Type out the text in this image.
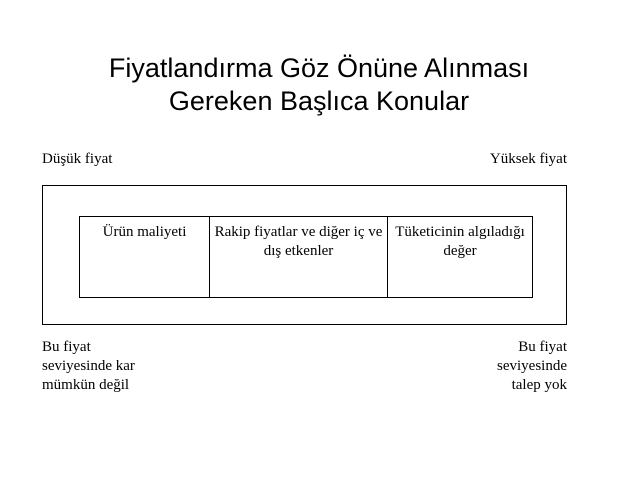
Fiyatlandırma Göz Önüne Alınması
Gereken Başlıca Konular
Düşük fiyat	Yüksek fiyat
Ürün maliyeti	Rakip fiyatlar ve diğer iç ve dış etkenler
Tüketicinin algıladığı değer
Bu fiyat
seviyesinde kar
mümkün değil
Bu fiyat
seviyesinde
talep yok
